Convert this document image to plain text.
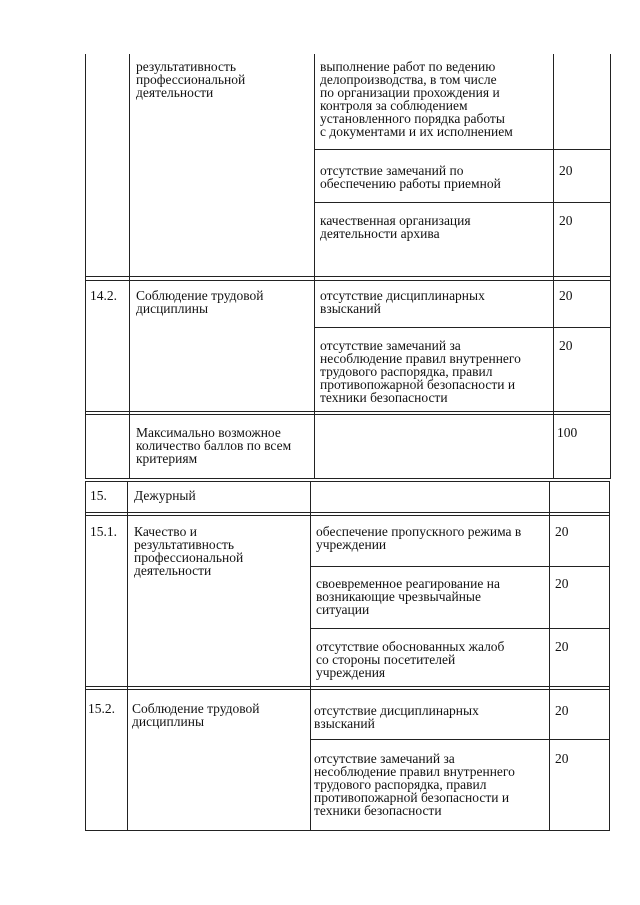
результативность
профессиональной
деятельности
выполнение работ по ведению
делопроизводства, в том числе
по организации прохождения и
контроля за соблюдением
установленного порядка работы
с документами и их исполнением
отсутствие замечаний по
обеспечению работы приемной
20
качественная организация
деятельности архива
20
14.2. Соблюдение трудовой
дисциплины
отсутствие дисциплинарных
взысканий
20
отсутствие замечаний за
несоблюдение правил внутреннего
трудового распорядка, правил
противопожарной безопасности и
техники безопасности
20
Максимально возможное
количество баллов по всем
критериям
100
15. Дежурный
15.1. Качество и
результативность
профессиональной
деятельности
обеспечение пропускного режима в
учреждении
20
своевременное реагирование на
возникающие чрезвычайные
ситуации
20
отсутствие обоснованных жалоб
со стороны посетителей
учреждения
20
15.2. Соблюдение трудовой
дисциплины
отсутствие дисциплинарных
взысканий
20
отсутствие замечаний за
несоблюдение правил внутреннего
трудового распорядка, правил
противопожарной безопасности и
техники безопасности
20
